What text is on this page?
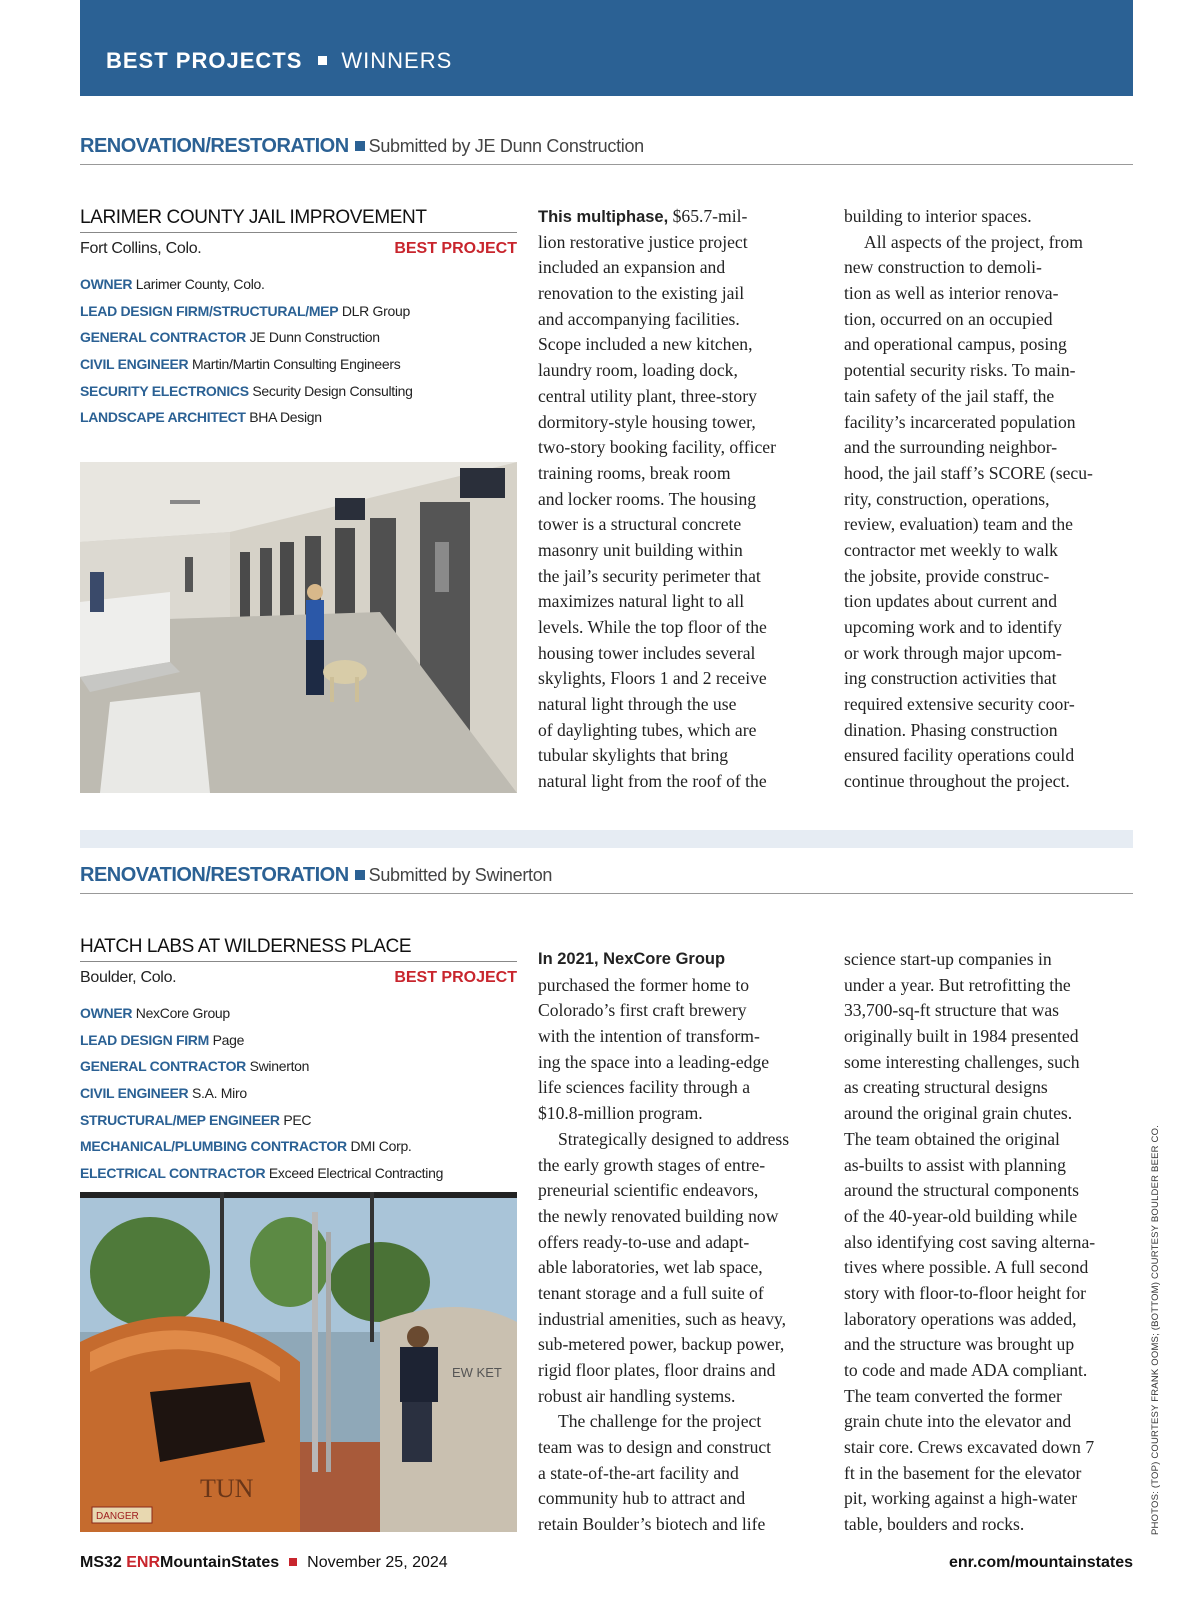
BEST PROJECTS WINNERS
RENOVATION/RESTORATION Submitted by JE Dunn Construction
LARIMER COUNTY JAIL IMPROVEMENT
Fort Collins, Colo.	BEST PROJECT
OWNER Larimer County, Colo.
LEAD DESIGN FIRM/STRUCTURAL/MEP DLR Group
GENERAL CONTRACTOR JE Dunn Construction
CIVIL ENGINEER Martin/Martin Consulting Engineers
SECURITY ELECTRONICS Security Design Consulting
LANDSCAPE ARCHITECT BHA Design
This multiphase, $65.7-mil-
lion restorative justice project
included an expansion and
renovation to the existing jail
and accompanying facilities.
Scope included a new kitchen,
laundry room, loading dock,
central utility plant, three-story
dormitory-style housing tower,
two-story booking facility, officer
training rooms, break room
and locker rooms. The housing
tower is a structural concrete
masonry unit building within
the jail’s security perimeter that
maximizes natural light to all
levels. While the top floor of the
housing tower includes several
skylights, Floors 1 and 2 receive
natural light through the use
of daylighting tubes, which are
tubular skylights that bring
natural light from the roof of the
building to interior spaces.
All aspects of the project, from
new construction to demoli-
tion as well as interior renova-
tion, occurred on an occupied
and operational campus, posing
potential security risks. To main-
tain safety of the jail staff, the
facility’s incarcerated population
and the surrounding neighbor-
hood, the jail staff’s SCORE (secu-
rity, construction, operations,
review, evaluation) team and the
contractor met weekly to walk
the jobsite, provide construc-
tion updates about current and
upcoming work and to identify
or work through major upcom-
ing construction activities that
required extensive security coor-
dination. Phasing construction
ensured facility operations could
continue throughout the project.
RENOVATION/RESTORATION Submitted by Swinerton
HATCH LABS AT WILDERNESS PLACE
Boulder, Colo.	BEST PROJECT
OWNER NexCore Group
LEAD DESIGN FIRM Page
GENERAL CONTRACTOR Swinerton
CIVIL ENGINEER S.A. Miro
STRUCTURAL/MEP ENGINEER PEC
MECHANICAL/PLUMBING CONTRACTOR DMI Corp.
ELECTRICAL CONTRACTOR Exceed Electrical Contracting
TUN
DANGER
EW KET
In 2021, NexCore Group
purchased the former home to
Colorado’s first craft brewery
with the intention of transform-
ing the space into a leading-edge
life sciences facility through a
$10.8-million program.
Strategically designed to address
the early growth stages of entre-
preneurial scientific endeavors,
the newly renovated building now
offers ready-to-use and adapt-
able laboratories, wet lab space,
tenant storage and a full suite of
industrial amenities, such as heavy,
sub-metered power, backup power,
rigid floor plates, floor drains and
robust air handling systems.
The challenge for the project
team was to design and construct
a state-of-the-art facility and
community hub to attract and
retain Boulder’s biotech and life
science start-up companies in
under a year. But retrofitting the
33,700-sq-ft structure that was
originally built in 1984 presented
some interesting challenges, such
as creating structural designs
around the original grain chutes.
The team obtained the original
as-builts to assist with planning
around the structural components
of the 40-year-old building while
also identifying cost saving alterna-
tives where possible. A full second
story with floor-to-floor height for
laboratory operations was added,
and the structure was brought up
to code and made ADA compliant.
The team converted the former
grain chute into the elevator and
stair core. Crews excavated down 7
ft in the basement for the elevator
pit, working against a high-water
table, boulders and rocks.	PHOTOS: (TOP) COURTESY FRANK OOMS; (BOTTOM) COURTESY BOULDER BEER CO.
MS32 ENRMountainStates November 25, 2024	enr.com/mountainstates
